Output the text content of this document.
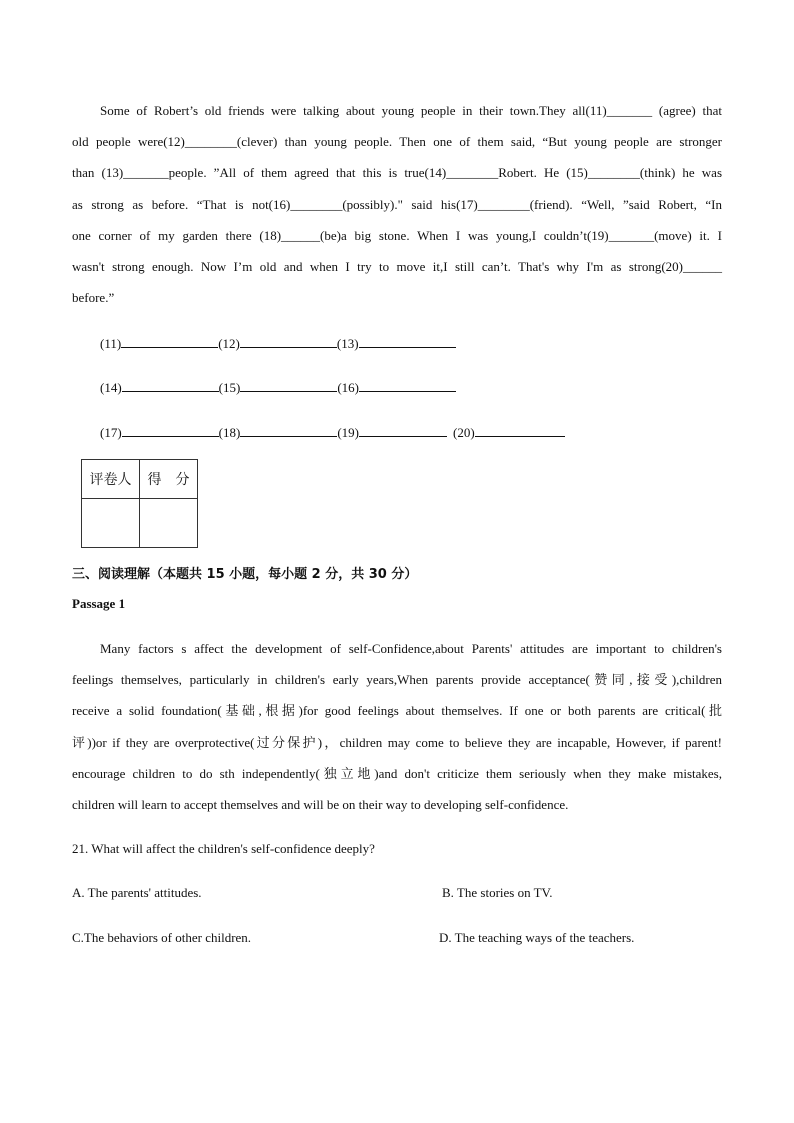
Some of Robert’s old friends were talking about young people in their town.They all(11)_______ (agree) that
old people were(12)________(clever) than young people. Then one of them said, “But young people are stronger
than (13)_______people. ”All of them agreed that this is true(14)________Robert. He (15)________(think) he was
as strong as before. “That is not(16)________(possibly)." said his(17)________(friend). “Well, ”said Robert, “In
one corner of my garden there (18)______(be)a big stone. When I was young,I couldn’t(19)_______(move) it. I
wasn't strong enough. Now I’m old and when I try to move it,I still can’t. That's why I'm as strong(20)______
before.”
(11)	(12)	(13)
(14)	(15)	(16)
(17)	(18)	(19)	(20)
评卷人	得　分

三、阅读理解（本题共 15 小题，每小题 2 分，共 30 分）
Passage 1
Many factors s affect the development of self-Confidence,about Parents' attitudes are important to children's
feelings themselves, particularly in children's early years,When parents provide acceptance(赞同,接受),children
receive a solid foundation(基础,根据)for good feelings about themselves. If one or both parents are critical(批
评))or if they are overprotective(过分保护)，children may come to believe they are incapable, However, if parent!
encourage children to do sth independently(独立地)and don't criticize them seriously when they make mistakes,
children will learn to accept themselves and will be on their way to developing self-confidence.
21. What will affect the children's self-confidence deeply?
A. The parents' attitudes.	B. The stories on TV.
C.The behaviors of other children.	D. The teaching ways of the teachers.
